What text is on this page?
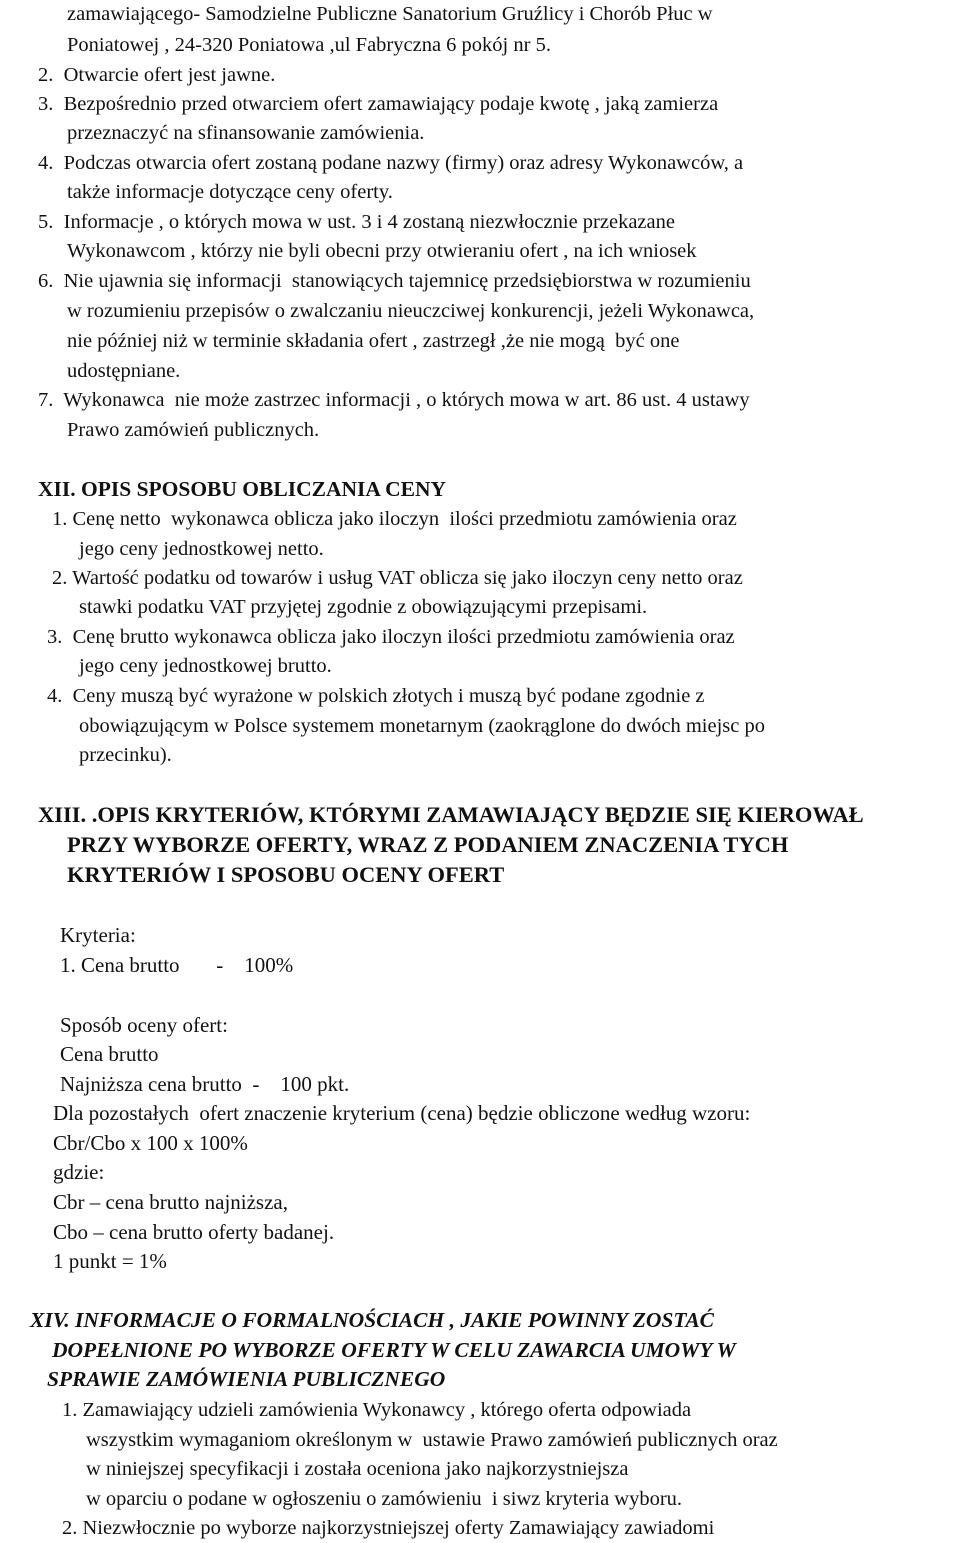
zamawiającego- Samodzielne Publiczne Sanatorium Gruźlicy i Chorób Płuc w
Poniatowej , 24-320 Poniatowa ,ul Fabryczna 6 pokój nr 5.
2.  Otwarcie ofert jest jawne.
3.  Bezpośrednio przed otwarciem ofert zamawiający podaje kwotę , jaką zamierza
przeznaczyć na sfinansowanie zamówienia.
4.  Podczas otwarcia ofert zostaną podane nazwy (firmy) oraz adresy Wykonawców, a
także informacje dotyczące ceny oferty.
5.  Informacje , o których mowa w ust. 3 i 4 zostaną niezwłocznie przekazane
Wykonawcom , którzy nie byli obecni przy otwieraniu ofert , na ich wniosek
6.  Nie ujawnia się informacji  stanowiących tajemnicę przedsiębiorstwa w rozumieniu
w rozumieniu przepisów o zwalczaniu nieuczciwej konkurencji, jeżeli Wykonawca,
nie później niż w terminie składania ofert , zastrzegł ,że nie mogą  być one
udostępniane.
7.  Wykonawca  nie może zastrzec informacji , o których mowa w art. 86 ust. 4 ustawy
Prawo zamówień publicznych.
XII. OPIS SPOSOBU OBLICZANIA CENY
1. Cenę netto  wykonawca oblicza jako iloczyn  ilości przedmiotu zamówienia oraz
jego ceny jednostkowej netto.
2. Wartość podatku od towarów i usług VAT oblicza się jako iloczyn ceny netto oraz
stawki podatku VAT przyjętej zgodnie z obowiązującymi przepisami.
3.  Cenę brutto wykonawca oblicza jako iloczyn ilości przedmiotu zamówienia oraz
jego ceny jednostkowej brutto.
4.  Ceny muszą być wyrażone w polskich złotych i muszą być podane zgodnie z
obowiązującym w Polsce systemem monetarnym (zaokrąglone do dwóch miejsc po
przecinku).
XIII. .OPIS KRYTERIÓW, KTÓRYMI ZAMAWIAJĄCY BĘDZIE SIĘ KIEROWAŁ
PRZY WYBORZE OFERTY, WRAZ Z PODANIEM ZNACZENIA TYCH
KRYTERIÓW I SPOSOBU OCENY OFERT
Kryteria:
1. Cena brutto       -    100%
Sposób oceny ofert:
Cena brutto
Najniższa cena brutto  -    100 pkt.
Dla pozostałych  ofert znaczenie kryterium (cena) będzie obliczone według wzoru:
Cbr/Cbo x 100 x 100%
gdzie:
Cbr – cena brutto najniższa,
Cbo – cena brutto oferty badanej.
1 punkt = 1%
XIV. INFORMACJE O FORMALNOŚCIACH , JAKIE POWINNY ZOSTAĆ
DOPEŁNIONE PO WYBORZE OFERTY W CELU ZAWARCIA UMOWY W
SPRAWIE ZAMÓWIENIA PUBLICZNEGO
1. Zamawiający udzieli zamówienia Wykonawcy , którego oferta odpowiada
wszystkim wymaganiom określonym w  ustawie Prawo zamówień publicznych oraz
w niniejszej specyfikacji i została oceniona jako najkorzystniejsza
w oparciu o podane w ogłoszeniu o zamówieniu  i siwz kryteria wyboru.
2. Niezwłocznie po wyborze najkorzystniejszej oferty Zamawiający zawiadomi
